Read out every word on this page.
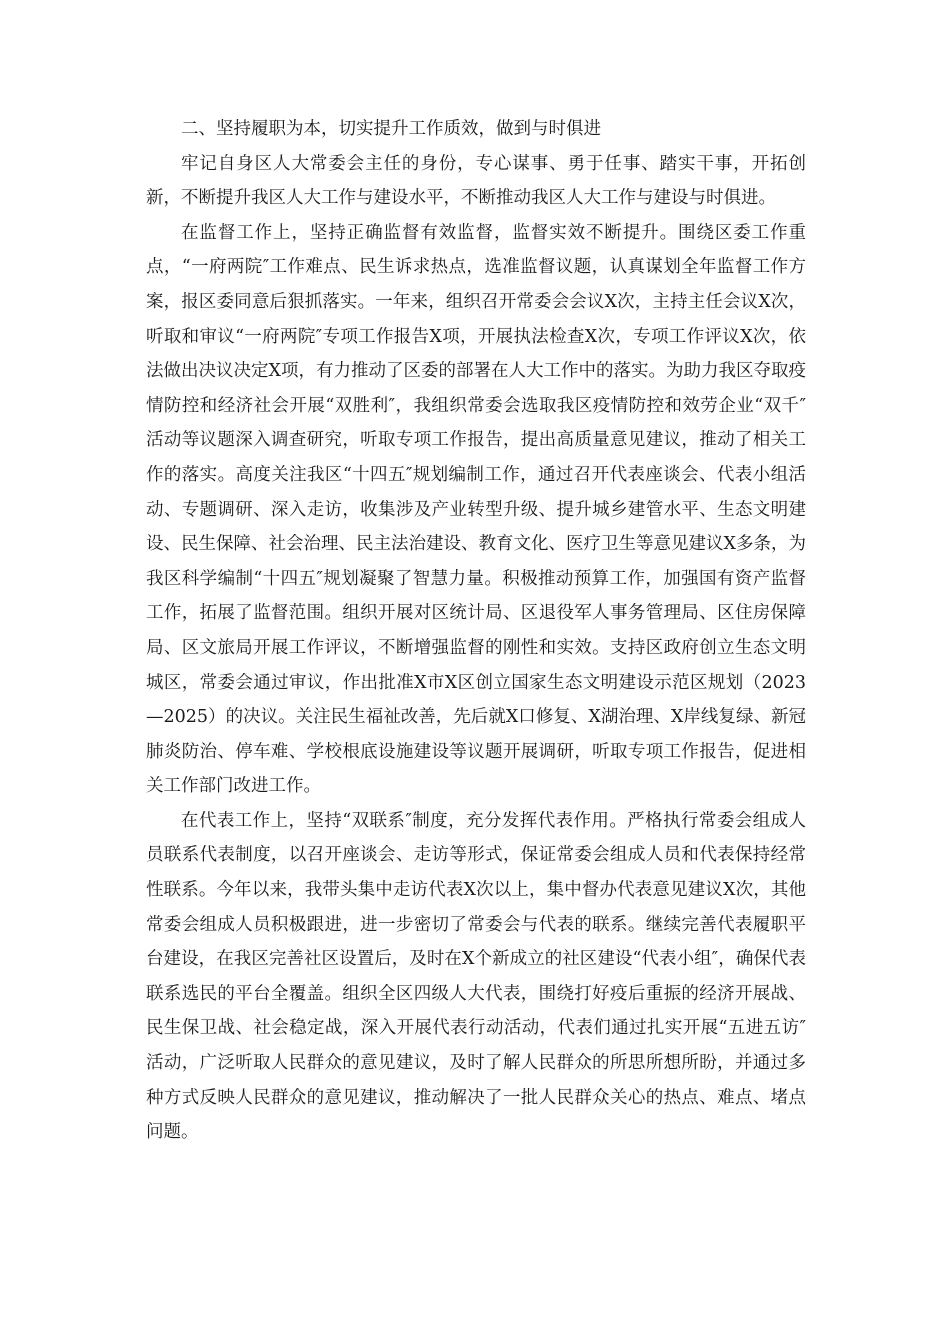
二、坚持履职为本，切实提升工作质效，做到与时俱进

牢记自身区人大常委会主任的身份，专心谋事、勇于任事、踏实干事，开拓创新，不断提升我区人大工作与建设水平，不断推动我区人大工作与建设与时俱进。

在监督工作上，坚持正确监督有效监督，监督实效不断提升。围绕区委工作重点，“一府两院″工作难点、民生诉求热点，选准监督议题，认真谋划全年监督工作方案，报区委同意后狠抓落实。一年来，组织召开常委会会议X次，主持主任会议X次，听取和审议“一府两院″专项工作报告X项，开展执法检查X次，专项工作评议X次，依法做出决议决定X项，有力推动了区委的部署在人大工作中的落实。为助力我区夺取疫情防控和经济社会开展“双胜利″，我组织常委会选取我区疫情防控和效劳企业“双千″活动等议题深入调查研究，听取专项工作报告，提出高质量意见建议，推动了相关工作的落实。高度关注我区“十四五″规划编制工作，通过召开代表座谈会、代表小组活动、专题调研、深入走访，收集涉及产业转型升级、提升城乡建管水平、生态文明建设、民生保障、社会治理、民主法治建设、教育文化、医疗卫生等意见建议X多条，为我区科学编制“十四五″规划凝聚了智慧力量。积极推动预算工作，加强国有资产监督工作，拓展了监督范围。组织开展对区统计局、区退役军人事务管理局、区住房保障局、区文旅局开展工作评议，不断增强监督的刚性和实效。支持区政府创立生态文明城区，常委会通过审议，作出批准X市X区创立国家生态文明建设示范区规划（2023—2025）的决议。关注民生福祉改善，先后就X口修复、X湖治理、X岸线复绿、新冠肺炎防治、停车难、学校根底设施建设等议题开展调研，听取专项工作报告，促进相关工作部门改进工作。

在代表工作上，坚持“双联系″制度，充分发挥代表作用。严格执行常委会组成人员联系代表制度，以召开座谈会、走访等形式，保证常委会组成人员和代表保持经常性联系。今年以来，我带头集中走访代表X次以上，集中督办代表意见建议X次，其他常委会组成人员积极跟进，进一步密切了常委会与代表的联系。继续完善代表履职平台建设，在我区完善社区设置后，及时在X个新成立的社区建设“代表小组″，确保代表联系选民的平台全覆盖。组织全区四级人大代表，围绕打好疫后重振的经济开展战、民生保卫战、社会稳定战，深入开展代表行动活动，代表们通过扎实开展“五进五访″活动，广泛听取人民群众的意见建议，及时了解人民群众的所思所想所盼，并通过多种方式反映人民群众的意见建议，推动解决了一批人民群众关心的热点、难点、堵点问题。
